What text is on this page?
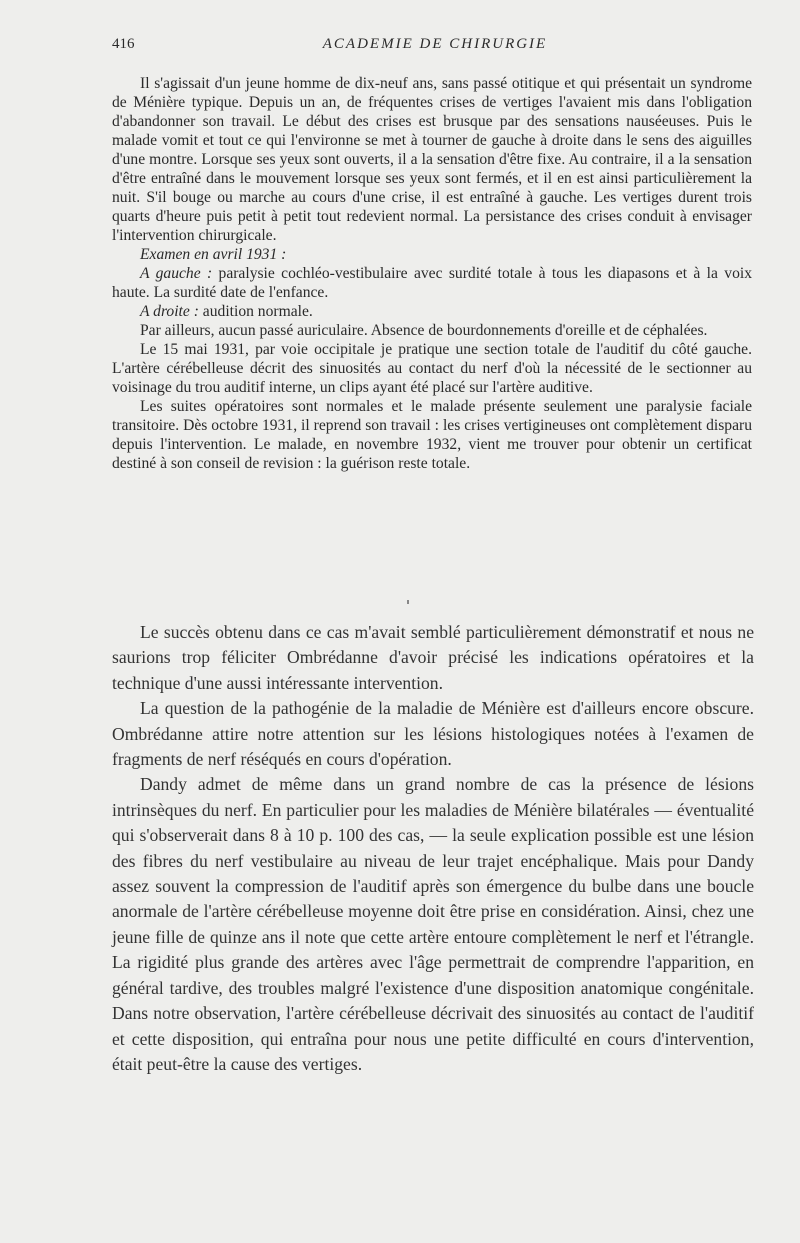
416	ACADEMIE DE CHIRURGIE

Il s'agissait d'un jeune homme de dix-neuf ans, sans passé otitique et qui présentait un syndrome de Ménière typique. Depuis un an, de fréquentes crises de vertiges l'avaient mis dans l'obligation d'abandonner son travail. Le début des crises est brusque par des sensations nauséeuses. Puis le malade vomit et tout ce qui l'environne se met à tourner de gauche à droite dans le sens des aiguilles d'une montre. Lorsque ses yeux sont ouverts, il a la sensation d'être fixe. Au contraire, il a la sensation d'être entraîné dans le mouvement lorsque ses yeux sont fermés, et il en est ainsi particulièrement la nuit. S'il bouge ou marche au cours d'une crise, il est entraîné à gauche. Les vertiges durent trois quarts d'heure puis petit à petit tout redevient normal. La persistance des crises conduit à envisager l'intervention chirurgicale.

Examen en avril 1931 :

A gauche : paralysie cochléo-vestibulaire avec surdité totale à tous les diapasons et à la voix haute. La surdité date de l'enfance.

A droite : audition normale.

Par ailleurs, aucun passé auriculaire. Absence de bourdonnements d'oreille et de céphalées.

Le 15 mai 1931, par voie occipitale je pratique une section totale de l'auditif du côté gauche. L'artère cérébelleuse décrit des sinuosités au contact du nerf d'où la nécessité de le sectionner au voisinage du trou auditif interne, un clips ayant été placé sur l'artère auditive.

Les suites opératoires sont normales et le malade présente seulement une paralysie faciale transitoire. Dès octobre 1931, il reprend son travail : les crises vertigineuses ont complètement disparu depuis l'intervention. Le malade, en novembre 1932, vient me trouver pour obtenir un certificat destiné à son conseil de revision : la guérison reste totale.

Le succès obtenu dans ce cas m'avait semblé particulièrement démonstratif et nous ne saurions trop féliciter Ombrédanne d'avoir précisé les indications opératoires et la technique d'une aussi intéressante intervention.

La question de la pathogénie de la maladie de Ménière est d'ailleurs encore obscure. Ombrédanne attire notre attention sur les lésions histologiques notées à l'examen de fragments de nerf réséqués en cours d'opération.

Dandy admet de même dans un grand nombre de cas la présence de lésions intrinsèques du nerf. En particulier pour les maladies de Ménière bilatérales — éventualité qui s'observerait dans 8 à 10 p. 100 des cas, — la seule explication possible est une lésion des fibres du nerf vestibulaire au niveau de leur trajet encéphalique. Mais pour Dandy assez souvent la compression de l'auditif après son émergence du bulbe dans une boucle anormale de l'artère cérébelleuse moyenne doit être prise en considération. Ainsi, chez une jeune fille de quinze ans il note que cette artère entoure complètement le nerf et l'étrangle. La rigidité plus grande des artères avec l'âge permettrait de comprendre l'apparition, en général tardive, des troubles malgré l'existence d'une disposition anatomique congénitale. Dans notre observation, l'artère cérébelleuse décrivait des sinuosités au contact de l'auditif et cette disposition, qui entraîna pour nous une petite difficulté en cours d'intervention, était peut-être la cause des vertiges.
